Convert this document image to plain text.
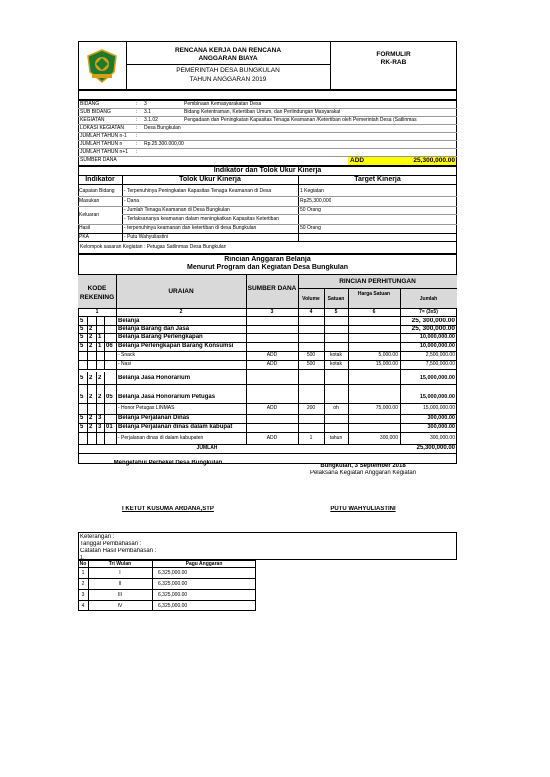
RENCANA KERJA DAN RENCANA
ANGGARAN BIAYA
PEMERINTAH DESA BUNGKULAN
TAHUN ANGGARAN 2019
FORMULIR
RK-RAB
BIDANG	: 3	Pembinaan Kemasyarakatan Desa
SUB BIDANG	: 3.1	Bidang Ketentraman, Ketertiban Umum, dan Perlindungan Masyarakat
KEGIATAN	: 3.1.02	Pengadaan dan Peningkatan Kapasitas Tenaga Keamanan /Ketertiban oleh Pemerintah Desa (Satlinmas
LOKASI KEGIATAN : Desa Bungkulan
JUMLAH TAHUN n-1 :
JUMLAH TAHUN n	: Rp.25.300.000,00
JUMLAH TAHUN n+1 :
SUMBER DANA	ADD	25,300,000.00
Indikator dan Tolok Ukur Kinerja
Indikator	Tolok Ukur Kinerja	Target Kinerja
Capaian Bidang - Terpenuhinya Peningkatan Kapasitas Tenaga Keamanan di Desa	1 Kegiatan
Masukan	- Dana	Rp25,300,000
Keluaran
- Jumlah Tenaga Keamanan di Desa Bungkulan	50 Orang
- Terlaksananya keamanan dalam meningkatkan Kapasitas Ketertiban
Hasil	- terpenuhinya keamanan dan ketertiban di desa Bungkulan	50 Orang
PKA	- Putu Wahyuliastini
Kelompok sasaran Kegiatan : Petugas Satlinmas Desa Bungkulan
Rincian Anggaran Belanja
Menurut Program dan Kegiatan Desa Bungkulan
KODE REKENING
URAIAN	SUMBER DANA
RINCIAN PERHITUNGAN
Volume	Satuan
Harga Satuan
Jumlah
1	2	3	4	5	6	7= (3x5)
5	Belanja	25, 300,000.00
5 2	Belanja Barang dan Jasa	25, 300,000.00
5 2 1	Belanja Barang Perlengkapan	10,000,000.00
5 2 1 06 Belanja Perlengkapan Barang Konsumsi	10,000,000.00
- Snack	ADD	500	kotak	5,000.00	2,500,000.00
- Nasi	ADD	500	kotak	15,000.00	7,500,000.00
5 2 2	Belanja Jasa Honorarium	15,000,000.00
5 2 2 05 Belanja Jasa Honorarium Petugas	15,000,000.00
- Honor Petugas LINMAS	ADD	200	oh	75,000.00	15,000,000.00
5 2 3	Belanja Perjalanan Dinas	300,000.00
5 2 3 01 Belanja Perjalanan dinas dalam kabupat	300,000.00
- Perjalanan dinas di dalam kabupaten	ADD	1	tahun	300,000	300,000.00
JUMLAH	25,300,000.00
Mengetahui Perbekel Desa Bungkulan	Bungkulan, 3 September 2018
Pelaksana Kegiatan Anggaran Kegiatan
I KETUT KUSUMA ARDANA,STP	PUTU WAHYULIASTINI
Keterangan :
Tanggal Pembahasan :
Catatan Hasil Pembahasan :
1.
No	Tri Wulan	Pagu Anggaran
1	I	6,325,000.00
2	II	6,325,000.00
3	III	6,325,000.00
4	IV	6,325,000.00
